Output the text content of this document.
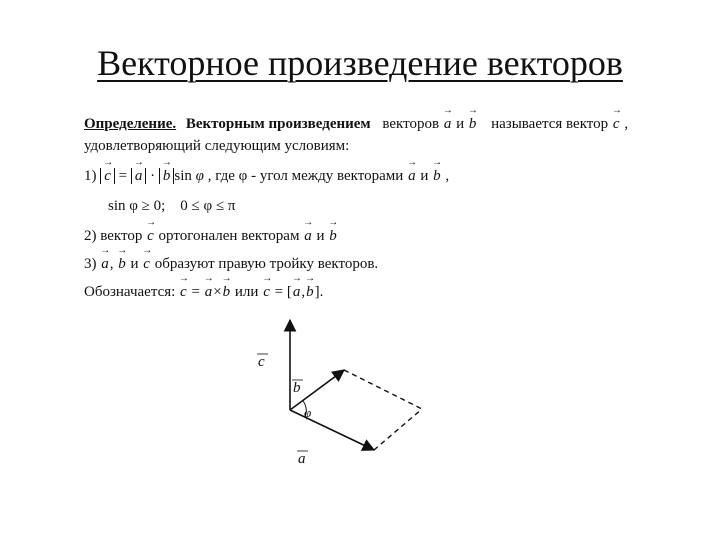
Векторное произведение векторов
Определение. Векторным произведением векторов → a и → b называется вектор → c ,
удовлетворяющий следующим условиям:
1) → c = → a · → b sin φ , где φ - угол между векторами → a и → b ,
sin φ ≥ 0;    0 ≤ φ ≤ π
2) вектор → c ортогонален векторам → a и → b
3) → a, → b и → c образуют правую тройку векторов.
Обозначается: → c = → a×→ b или → c = [→ a,→ b].
c
b
φ
a
